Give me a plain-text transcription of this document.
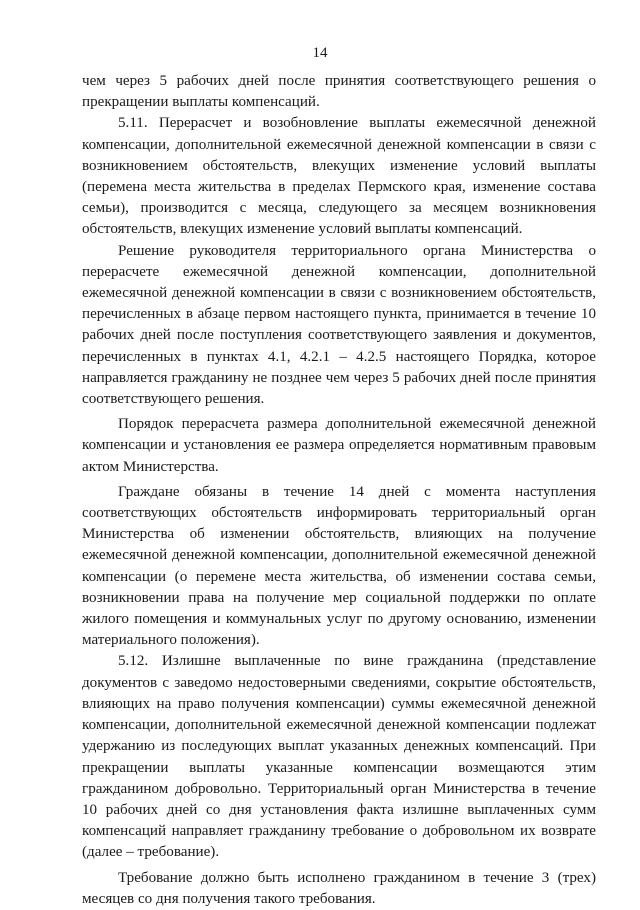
14

чем через 5 рабочих дней после принятия соответствующего решения о прекращении выплаты компенсаций.

5.11. Перерасчет и возобновление выплаты ежемесячной денежной компенсации, дополнительной ежемесячной денежной компенсации в связи с возникновением обстоятельств, влекущих изменение условий выплаты (перемена места жительства в пределах Пермского края, изменение состава семьи), производится с месяца, следующего за месяцем возникновения обстоятельств, влекущих изменение условий выплаты компенсаций.

Решение руководителя территориального органа Министерства о перерасчете ежемесячной денежной компенсации, дополнительной ежемесячной денежной компенсации в связи с возникновением обстоятельств, перечисленных в абзаце первом настоящего пункта, принимается в течение 10 рабочих дней после поступления соответствующего заявления и документов, перечисленных в пунктах 4.1, 4.2.1 – 4.2.5 настоящего Порядка, которое направляется гражданину не позднее чем через 5 рабочих дней после принятия соответствующего решения.

Порядок перерасчета размера дополнительной ежемесячной денежной компенсации и установления ее размера определяется нормативным правовым актом Министерства.

Граждане обязаны в течение 14 дней с момента наступления соответствующих обстоятельств информировать территориальный орган Министерства об изменении обстоятельств, влияющих на получение ежемесячной денежной компенсации, дополнительной ежемесячной денежной компенсации (о перемене места жительства, об изменении состава семьи, возникновении права на получение мер социальной поддержки по оплате жилого помещения и коммунальных услуг по другому основанию, изменении материального положения).

5.12. Излишне выплаченные по вине гражданина (представление документов с заведомо недостоверными сведениями, сокрытие обстоятельств, влияющих на право получения компенсации) суммы ежемесячной денежной компенсации, дополнительной ежемесячной денежной компенсации подлежат удержанию из последующих выплат указанных денежных компенсаций. При прекращении выплаты указанные компенсации возмещаются этим гражданином добровольно. Территориальный орган Министерства в течение 10 рабочих дней со дня установления факта излишне выплаченных сумм компенсаций направляет гражданину требование о добровольном их возврате (далее – требование).

Требование должно быть исполнено гражданином в течение 3 (трех) месяцев со дня получения такого требования.
